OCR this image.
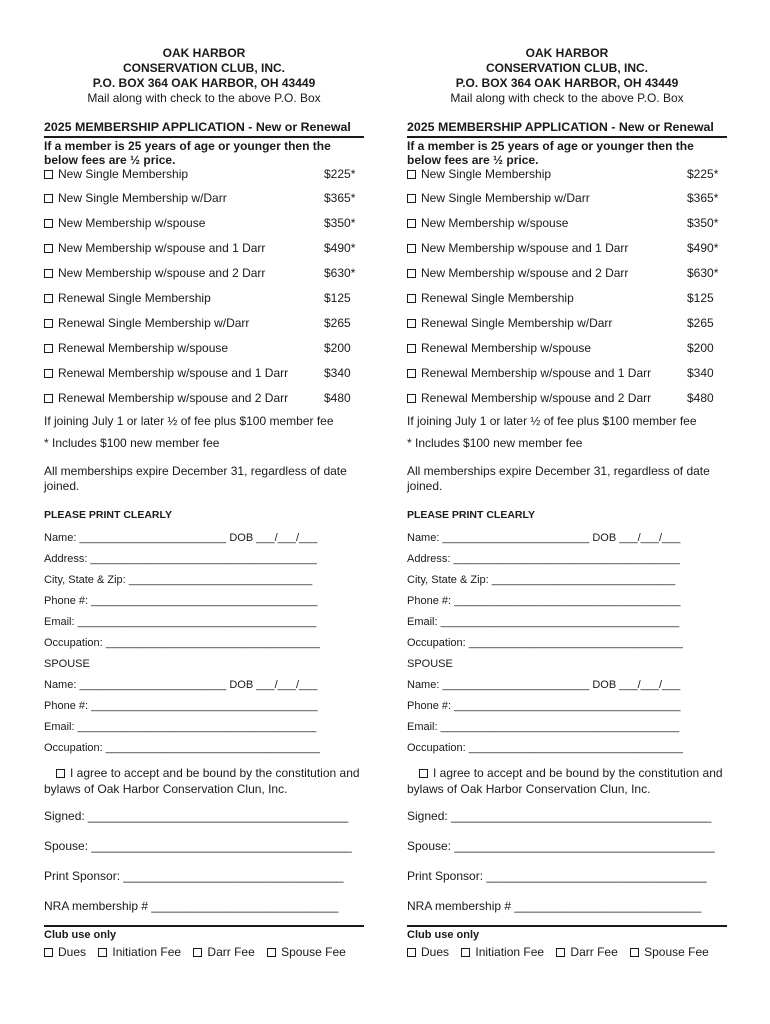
OAK HARBOR
CONSERVATION CLUB, INC.
P.O. BOX 364 OAK HARBOR, OH 43449
Mail along with check to the above P.O. Box
2025 MEMBERSHIP APPLICATION - New or Renewal
If a member is 25 years of age or younger then the below fees are ½ price.
New Single Membership	$225*
New Single Membership w/Darr	$365*
New Membership w/spouse	$350*
New Membership w/spouse and 1 Darr	$490*
New Membership w/spouse and 2 Darr	$630*
Renewal Single Membership	$125
Renewal Single Membership w/Darr	$265
Renewal Membership w/spouse	$200
Renewal Membership w/spouse and 1 Darr	$340
Renewal Membership w/spouse and 2 Darr	$480
If joining July 1 or later ½ of fee plus $100 member fee
* Includes $100 new member fee
All memberships expire December 31, regardless of date joined.
PLEASE PRINT CLEARLY
Name: ________________________ DOB ___/___/___
Address: _____________________________________
City, State & Zip: ______________________________
Phone #: _____________________________________
Email: _______________________________________
Occupation: ___________________________________
SPOUSE
Name: ________________________ DOB ___/___/___
Phone #: _____________________________________
Email: _______________________________________
Occupation: ___________________________________
I agree to accept and be bound by the constitution and bylaws of Oak Harbor Conservation Clun, Inc.
Signed: _______________________________________
Spouse: _______________________________________
Print Sponsor: _________________________________
NRA membership # ____________________________
Club use only
Dues Initiation Fee Darr Fee Spouse Fee
OAK HARBOR
CONSERVATION CLUB, INC.
P.O. BOX 364 OAK HARBOR, OH 43449
Mail along with check to the above P.O. Box
2025 MEMBERSHIP APPLICATION - New or Renewal
If a member is 25 years of age or younger then the below fees are ½ price.
New Single Membership	$225*
New Single Membership w/Darr	$365*
New Membership w/spouse	$350*
New Membership w/spouse and 1 Darr	$490*
New Membership w/spouse and 2 Darr	$630*
Renewal Single Membership	$125
Renewal Single Membership w/Darr	$265
Renewal Membership w/spouse	$200
Renewal Membership w/spouse and 1 Darr	$340
Renewal Membership w/spouse and 2 Darr	$480
If joining July 1 or later ½ of fee plus $100 member fee
* Includes $100 new member fee
All memberships expire December 31, regardless of date joined.
PLEASE PRINT CLEARLY
Name: ________________________ DOB ___/___/___
Address: _____________________________________
City, State & Zip: ______________________________
Phone #: _____________________________________
Email: _______________________________________
Occupation: ___________________________________
SPOUSE
Name: ________________________ DOB ___/___/___
Phone #: _____________________________________
Email: _______________________________________
Occupation: ___________________________________
I agree to accept and be bound by the constitution and bylaws of Oak Harbor Conservation Clun, Inc.
Signed: _______________________________________
Spouse: _______________________________________
Print Sponsor: _________________________________
NRA membership # ____________________________
Club use only
Dues Initiation Fee Darr Fee Spouse Fee
